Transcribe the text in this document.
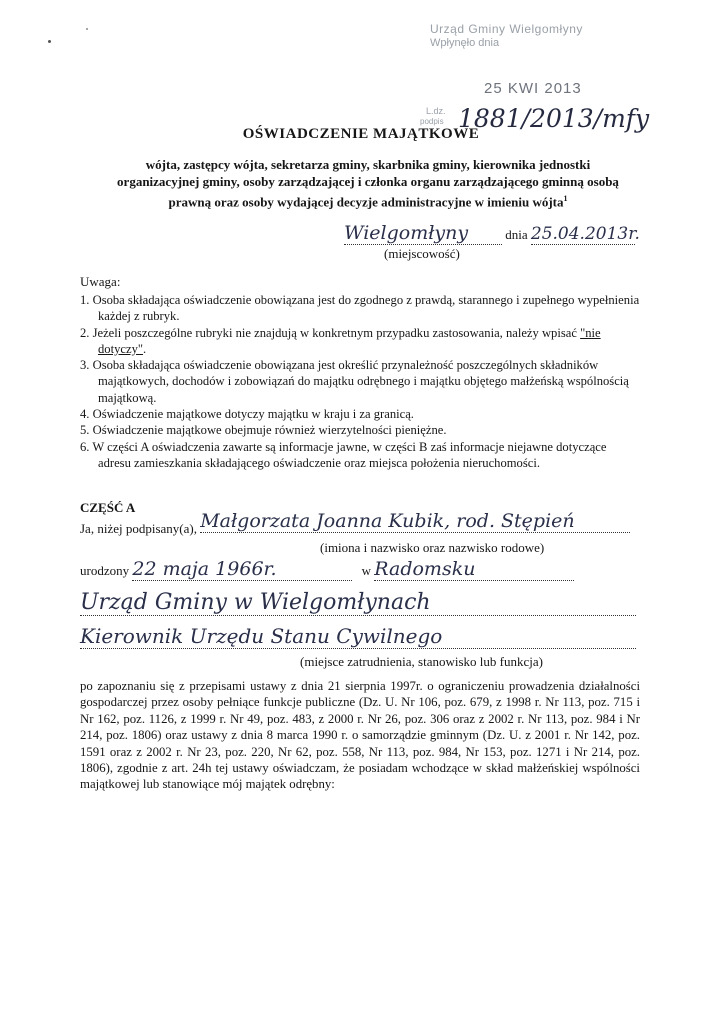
Urząd Gminy Wielgomłyny
Wpłynęło dnia
25 KWI 2013
L.dz.
podpis 1881/2013/mfy
OŚWIADCZENIE MAJĄTKOWE
wójta, zastępcy wójta, sekretarza gminy, skarbnika gminy, kierownika jednostki
organizacyjnej gminy, osoby zarządzającej i członka organu zarządzającego gminną osobą
prawną oraz osoby wydającej decyzje administracyjne w imieniu wójta$^1$
Wielgomłyny	dnia 25.04.2013r.
(miejscowość)
Uwaga:
1. Osoba składająca oświadczenie obowiązana jest do zgodnego z prawdą, starannego i zupełnego wypełnienia każdej z rubryk.
2. Jeżeli poszczególne rubryki nie znajdują w konkretnym przypadku zastosowania, należy wpisać "nie dotyczy".
3. Osoba składająca oświadczenie obowiązana jest określić przynależność poszczególnych składników majątkowych, dochodów i zobowiązań do majątku odrębnego i majątku objętego małżeńską wspólnością majątkową.
4. Oświadczenie majątkowe dotyczy majątku w kraju i za granicą.
5. Oświadczenie majątkowe obejmuje również wierzytelności pieniężne.
6. W części A oświadczenia zawarte są informacje jawne, w części B zaś informacje niejawne dotyczące adresu zamieszkania składającego oświadczenie oraz miejsca położenia nieruchomości.
CZĘŚĆ A
Ja, niżej podpisany(a), Małgorzata Joanna Kubik, rod. Stępień
(imiona i nazwisko oraz nazwisko rodowe)
urodzony 22 maja 1966r.	w Radomsku
Urząd Gminy w Wielgomłynach
Kierownik Urzędu Stanu Cywilnego
(miejsce zatrudnienia, stanowisko lub funkcja)
po zapoznaniu się z przepisami ustawy z dnia 21 sierpnia 1997r. o ograniczeniu prowadzenia działalności gospodarczej przez osoby pełniące funkcje publiczne (Dz. U. Nr 106, poz. 679, z 1998 r. Nr 113, poz. 715 i Nr 162, poz. 1126, z 1999 r. Nr 49, poz. 483, z 2000 r. Nr 26, poz. 306 oraz z 2002 r. Nr 113, poz. 984 i Nr 214, poz. 1806) oraz ustawy z dnia 8 marca 1990 r. o samorządzie gminnym (Dz. U. z 2001 r. Nr 142, poz. 1591 oraz z 2002 r. Nr 23, poz. 220, Nr 62, poz. 558, Nr 113, poz. 984, Nr 153, poz. 1271 i Nr 214, poz. 1806), zgodnie z art. 24h tej ustawy oświadczam, że posiadam wchodzące w skład małżeńskiej wspólności majątkowej lub stanowiące mój majątek odrębny:
